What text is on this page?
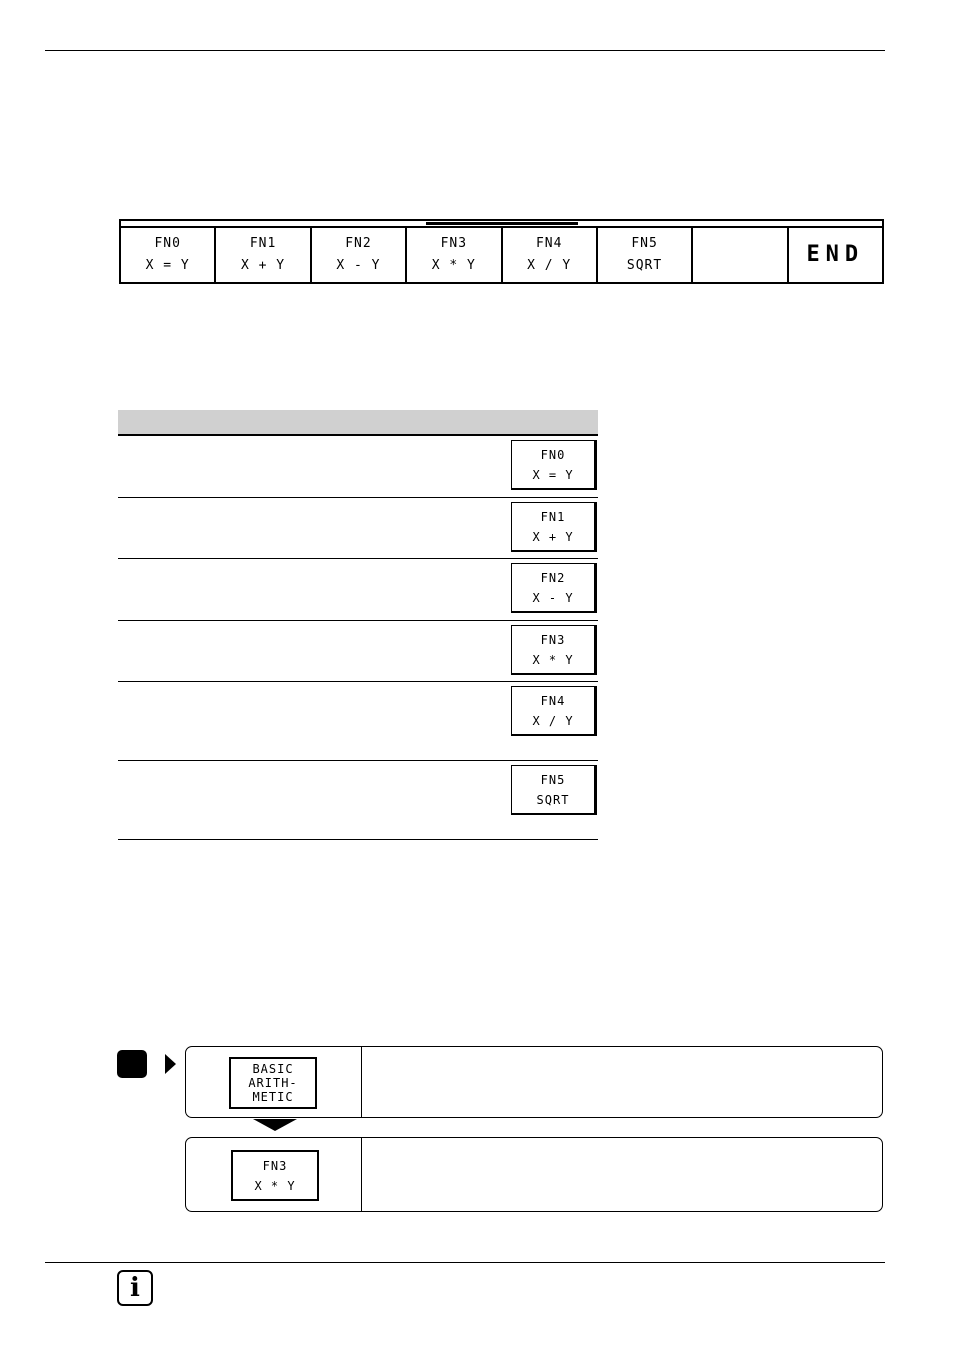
FN0
X = Y
FN1
X + Y
FN2
X - Y
FN3
X * Y
FN4
X / Y
FN5
SQRT	END
FN0
X = Y
FN1
X + Y
FN2
X - Y
FN3
X * Y
FN4
X / Y
FN5
SQRT
BASIC
ARITH-
METIC
FN3
X * Y
i
